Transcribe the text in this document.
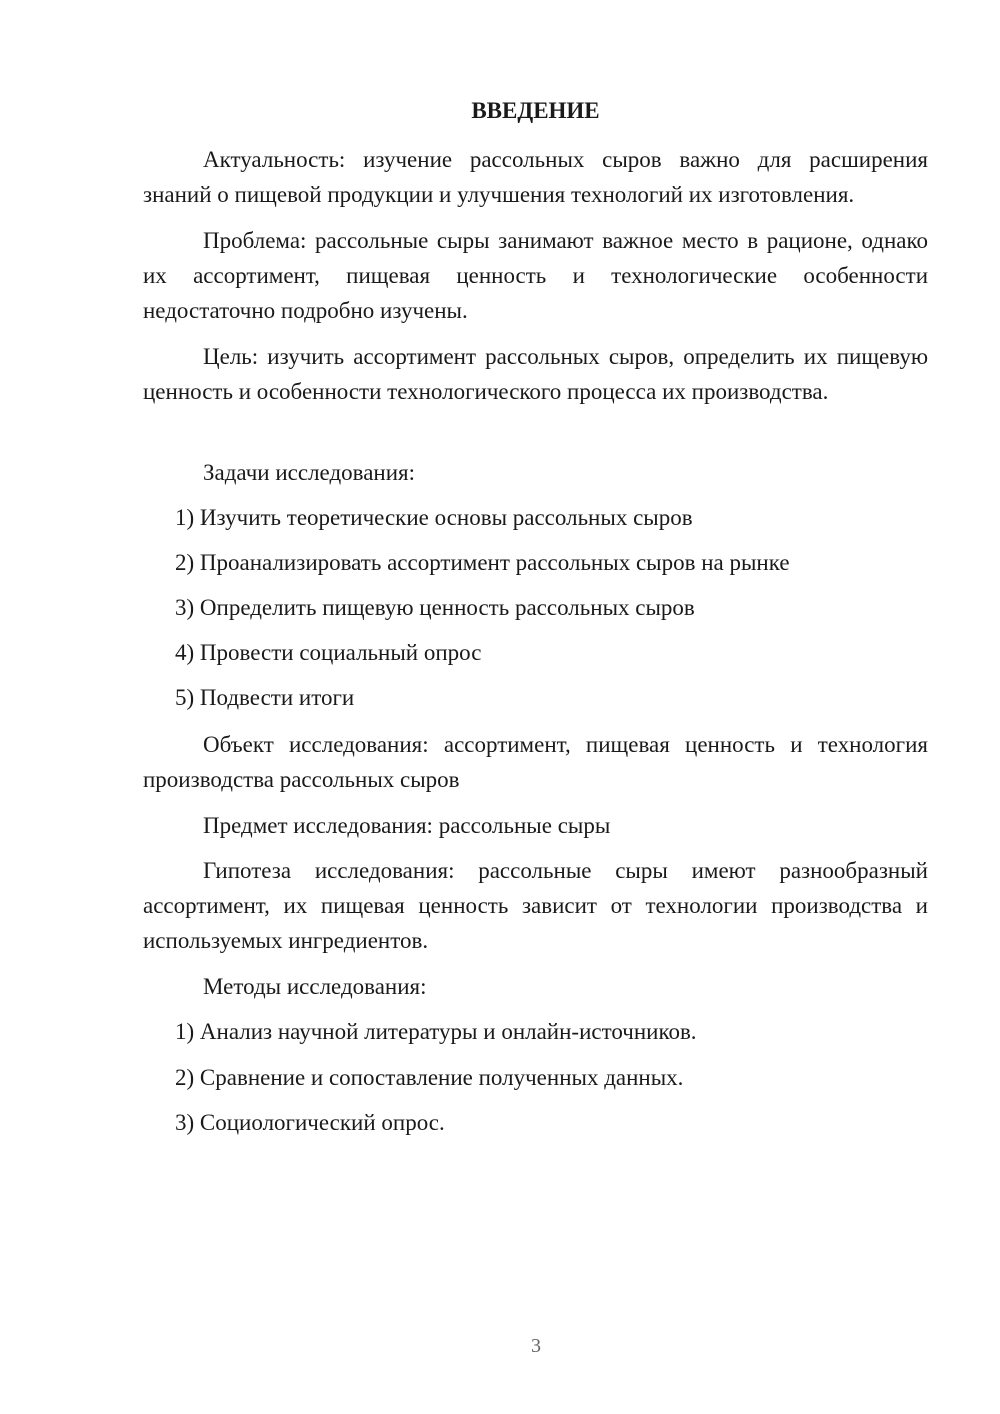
ВВЕДЕНИЕ

Актуальность: изучение рассольных сыров важно для расширения знаний о пищевой продукции и улучшения технологий их изготовления.

Проблема: рассольные сыры занимают важное место в рационе, однако их ассортимент, пищевая ценность и технологические особенности недостаточно подробно изучены.

Цель: изучить ассортимент рассольных сыров, определить их пищевую ценность и особенности технологического процесса их производства.

Задачи исследования:

1) Изучить теоретические основы рассольных сыров

2) Проанализировать ассортимент рассольных сыров на рынке

3) Определить пищевую ценность рассольных сыров

4) Провести социальный опрос

5) Подвести итоги

Объект исследования: ассортимент, пищевая ценность и технология производства рассольных сыров

Предмет исследования: рассольные сыры

Гипотеза исследования: рассольные сыры имеют разнообразный ассортимент, их пищевая ценность зависит от технологии производства и используемых ингредиентов.

Методы исследования:

1) Анализ научной литературы и онлайн-источников.

2) Сравнение и сопоставление полученных данных.

3) Социологический опрос.

3
